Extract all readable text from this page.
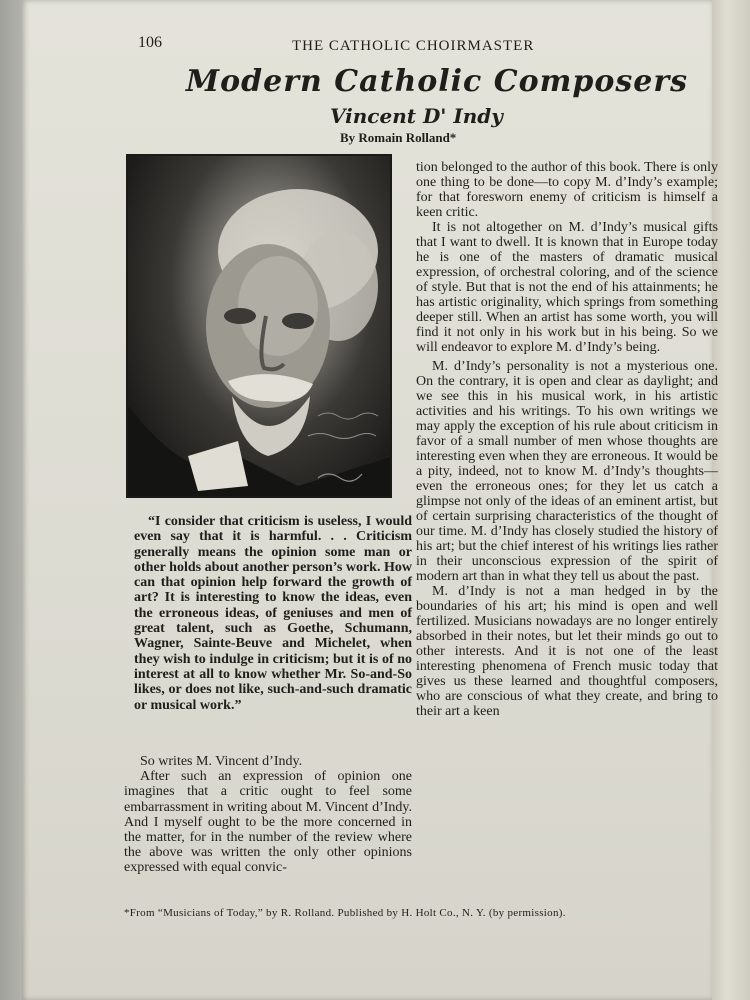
106	THE CATHOLIC CHOIRMASTER
Modern Catholic Composers
Vincent D' Indy
By Romain Rolland*

tion belonged to the author of this book. There is only one thing to be done—to copy M. d’Indy’s example; for that foresworn enemy of criticism is himself a keen critic.

It is not altogether on M. d’Indy’s musical gifts that I want to dwell. It is known that in Europe today he is one of the masters of dramatic musical expression, of orchestral coloring, and of the science of style. But that is not the end of his attainments; he has artistic originality, which springs from something deeper still. When an artist has some worth, you will find it not only in his work but in his being. So we will endeavor to explore M. d’Indy’s being.

M. d’Indy’s personality is not a mysterious one. On the contrary, it is open and clear as daylight; and we see this in his musical work, in his artistic activities and his writings. To his own writings we may apply the exception of his rule about criticism in favor of a small number of men whose thoughts are interesting even when they are erroneous. It would be a pity, indeed, not to know M. d’Indy’s thoughts—even the erroneous ones; for they let us catch a glimpse not only of the ideas of an eminent artist, but of certain surprising characteristics of the thought of our time. M. d’Indy has closely studied the history of his art; but the chief interest of his writings lies rather in their unconscious expression of the spirit of modern art than in what they tell us about the past.

M. d’Indy is not a man hedged in by the boundaries of his art; his mind is open and well fertilized. Musicians nowadays are no longer entirely absorbed in their notes, but let their minds go out to other interests. And it is not one of the least interesting phenomena of French music today that gives us these learned and thoughtful composers, who are conscious of what they create, and bring to their art a keen

“I consider that criticism is useless, I would even say that it is harmful. . . Criticism generally means the opinion some man or other holds about another person’s work. How can that opinion help forward the growth of art? It is interesting to know the ideas, even the erroneous ideas, of geniuses and men of great talent, such as Goethe, Schumann, Wagner, Sainte-Beuve and Michelet, when they wish to indulge in criticism; but it is of no interest at all to know whether Mr. So-and-So likes, or does not like, such-and-such dramatic or musical work.”

So writes M. Vincent d’Indy.

After such an expression of opinion one imagines that a critic ought to feel some embarrassment in writing about M. Vincent d’Indy. And I myself ought to be the more concerned in the matter, for in the number of the review where the above was written the only other opinions expressed with equal convic-

*From “Musicians of Today,” by R. Rolland. Published by H. Holt Co., N. Y. (by permission).
